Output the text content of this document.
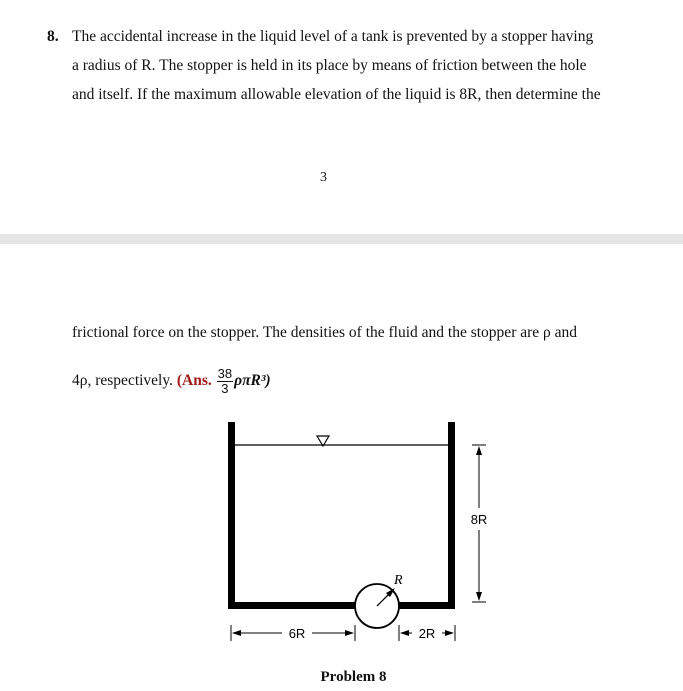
8. The accidental increase in the liquid level of a tank is prevented by a stopper having
a radius of R. The stopper is held in its place by means of friction between the hole
and itself. If the maximum allowable elevation of the liquid is 8R, then determine the
3
frictional force on the stopper. The densities of the fluid and the stopper are ρ and
4ρ, respectively. (Ans. $\frac{38}{3} \rho\pi R^3$)
R
8R
6R	2R
Problem 8
